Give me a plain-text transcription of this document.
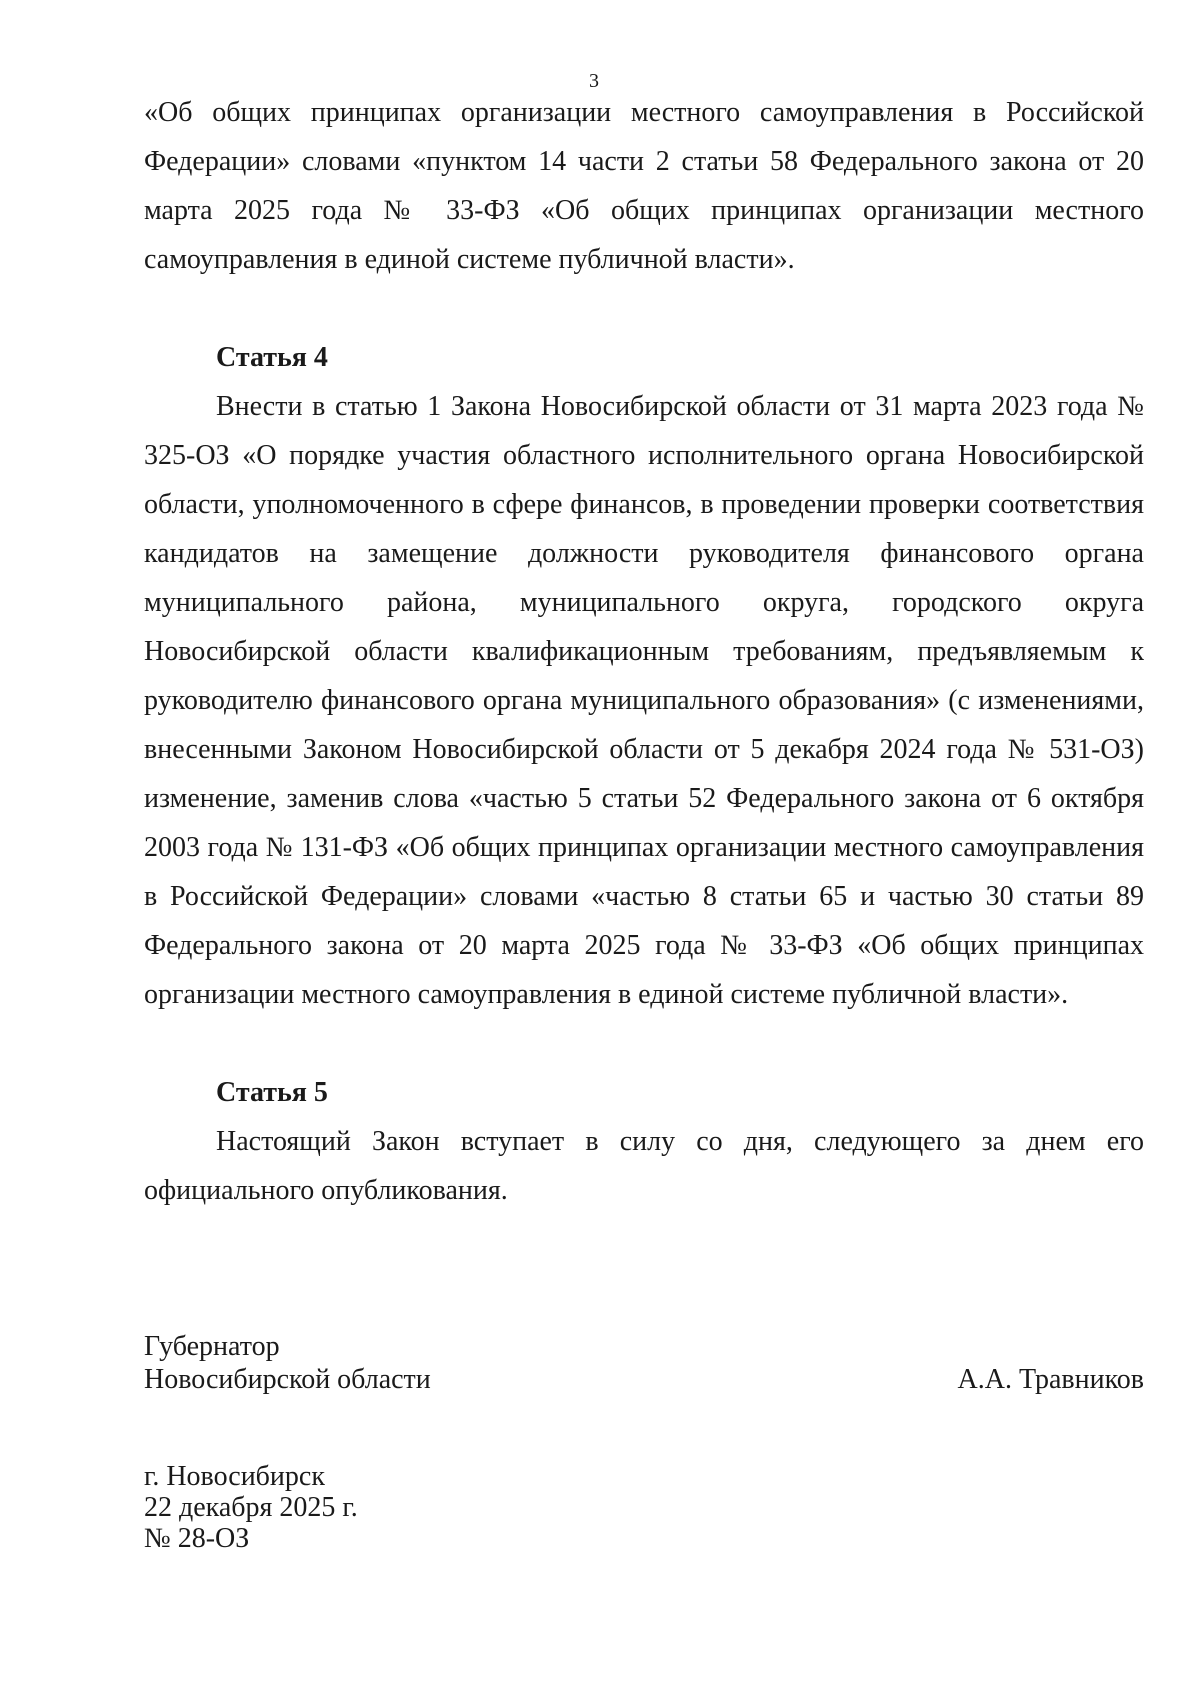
3

«Об общих принципах организации местного самоуправления в Российской Федерации» словами «пунктом 14 части 2 статьи 58 Федерального закона от 20 марта 2025 года № 33-ФЗ «Об общих принципах организации местного самоуправления в единой системе публичной власти».

Статья 4

Внести в статью 1 Закона Новосибирской области от 31 марта 2023 года № 325-ОЗ «О порядке участия областного исполнительного органа Новосибирской области, уполномоченного в сфере финансов, в проведении проверки соответствия кандидатов на замещение должности руководителя финансового органа муниципального района, муниципального округа, городского округа Новосибирской области квалификационным требованиям, предъявляемым к руководителю финансового органа муниципального образования» (с изменениями, внесенными Законом Новосибирской области от 5 декабря 2024 года № 531-ОЗ) изменение, заменив слова «частью 5 статьи 52 Федерального закона от 6 октября 2003 года № 131-ФЗ «Об общих принципах организации местного самоуправления в Российской Федерации» словами «частью 8 статьи 65 и частью 30 статьи 89 Федерального закона от 20 марта 2025 года № 33-ФЗ «Об общих принципах организации местного самоуправления в единой системе публичной власти».

Статья 5

Настоящий Закон вступает в силу со дня, следующего за днем его официального опубликования.

Губернатор
Новосибирской области	А.А. Травников
г. Новосибирск
22 декабря 2025 г.
№ 28-ОЗ
